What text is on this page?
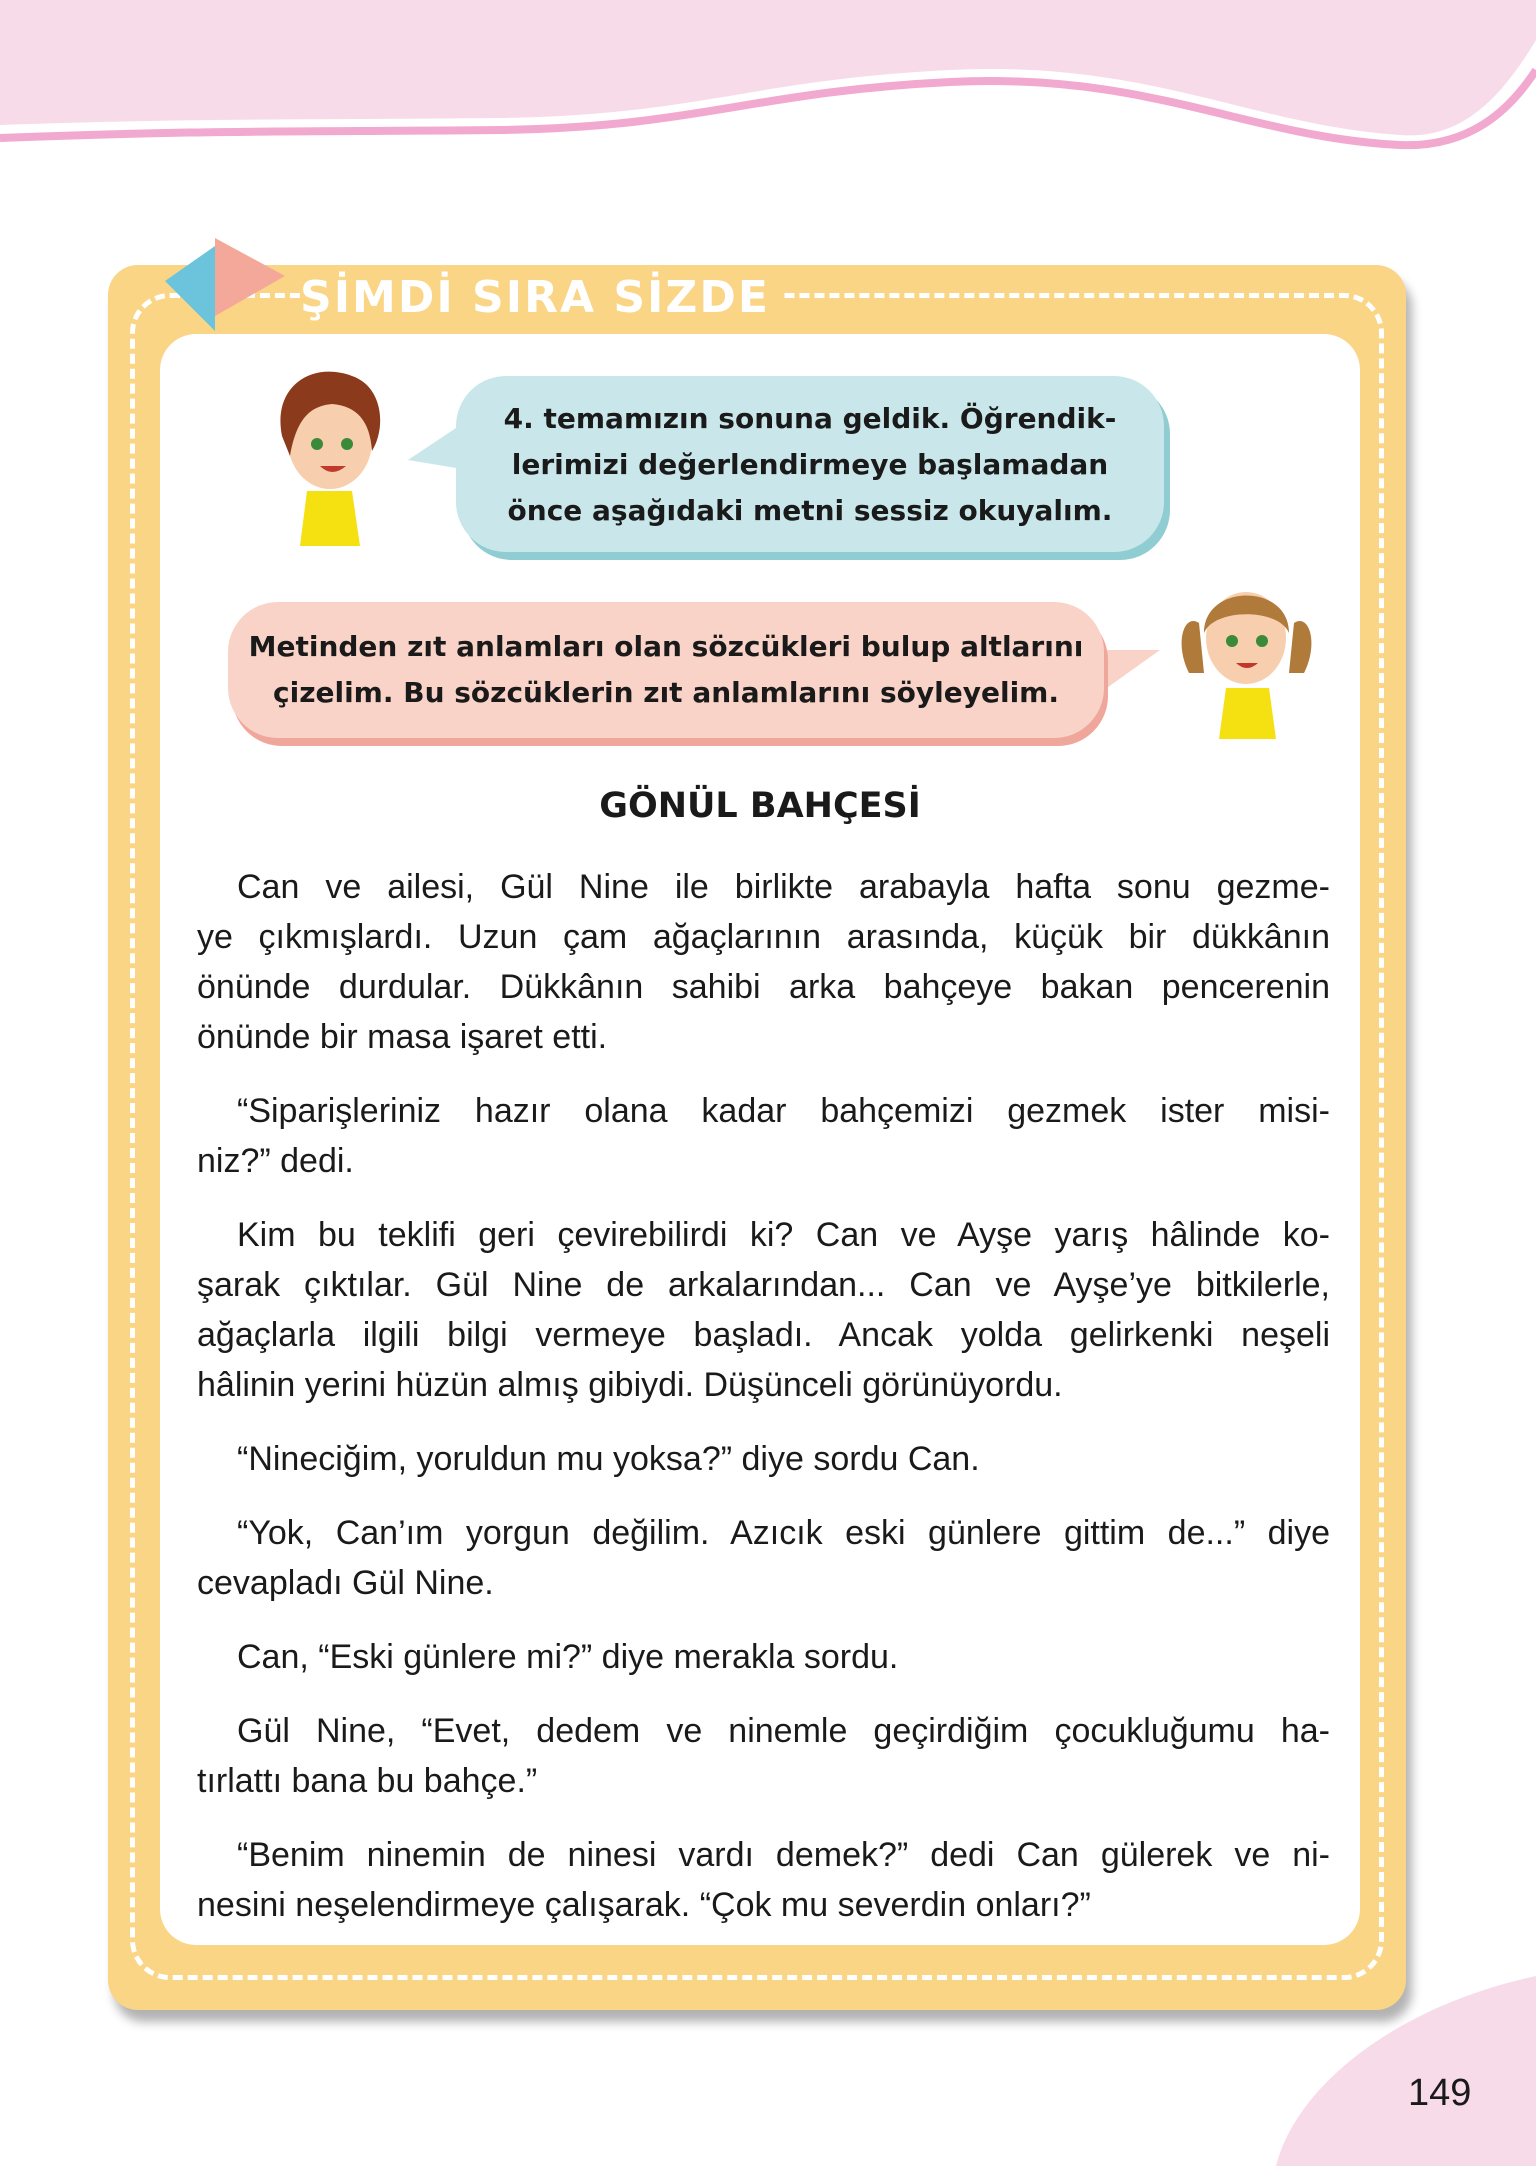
ŞİMDİ SIRA SİZDE
4. temamızın sonuna geldik. Öğrendik-
lerimizi değerlendirmeye başlamadan
önce aşağıdaki metni sessiz okuyalım.
Metinden zıt anlamları olan sözcükleri bulup altlarını
çizelim. Bu sözcüklerin zıt anlamlarını söyleyelim.
GÖNÜL BAHÇESİ
Can ve ailesi, Gül Nine ile birlikte arabayla hafta sonu gezme-
ye çıkmışlardı. Uzun çam ağaçlarının arasında, küçük bir dükkânın
önünde durdular. Dükkânın sahibi arka bahçeye bakan pencerenin
önünde bir masa işaret etti.
“Siparişleriniz hazır olana kadar bahçemizi gezmek ister misi-
niz?” dedi.
Kim bu teklifi geri çevirebilirdi ki? Can ve Ayşe yarış hâlinde ko-
şarak çıktılar. Gül Nine de arkalarından... Can ve Ayşe’ye bitkilerle,
ağaçlarla ilgili bilgi vermeye başladı. Ancak yolda gelirkenki neşeli
hâlinin yerini hüzün almış gibiydi. Düşünceli görünüyordu.
“Nineciğim, yoruldun mu yoksa?” diye sordu Can.
“Yok, Can’ım yorgun değilim. Azıcık eski günlere gittim de...” diye
cevapladı Gül Nine.
Can, “Eski günlere mi?” diye merakla sordu.
Gül Nine, “Evet, dedem ve ninemle geçirdiğim çocukluğumu ha-
tırlattı bana bu bahçe.”
“Benim ninemin de ninesi vardı demek?” dedi Can gülerek ve ni-
nesini neşelendirmeye çalışarak. “Çok mu severdin onları?”
149
